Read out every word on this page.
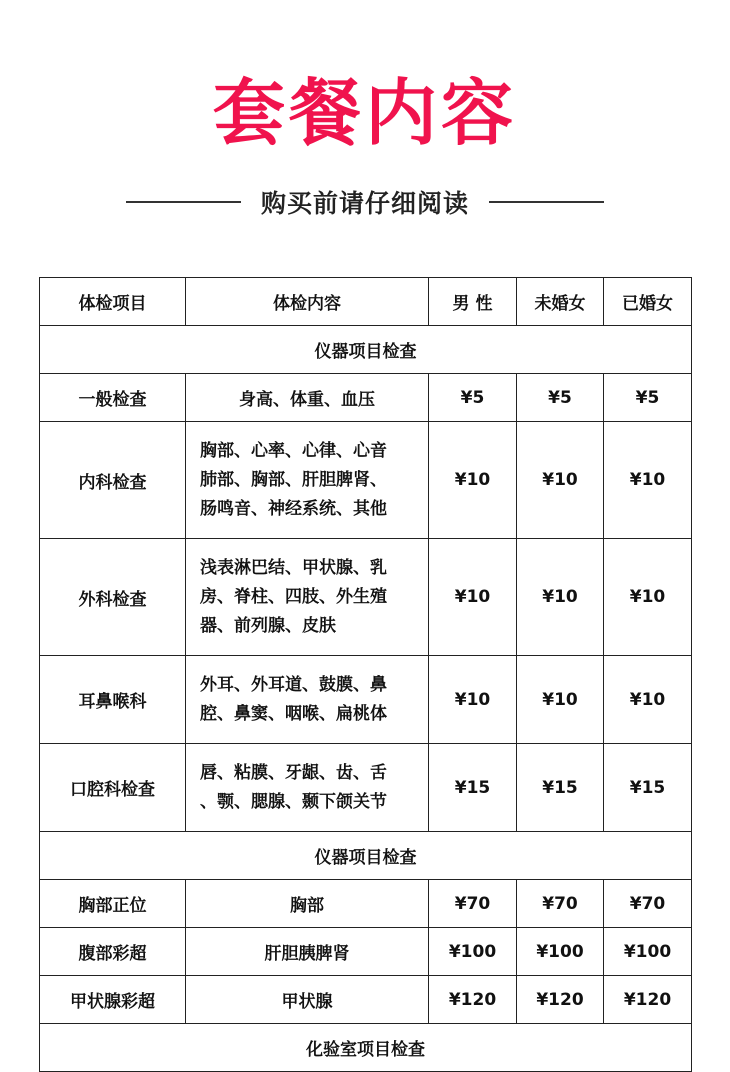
套餐内容
购买前请仔细阅读
体检项目	体检内容	男 性	未婚女	已婚女
仪器项目检查				
一般检查	身高、体重、血压	¥5	¥5	¥5
内科检查	胸部、心率、心律、心音
肺部、胸部、肝胆脾肾、
肠鸣音、神经系统、其他	¥10	¥10	¥10
外科检查	浅表淋巴结、甲状腺、乳
房、脊柱、四肢、外生殖
器、前列腺、皮肤	¥10	¥10	¥10
耳鼻喉科	外耳、外耳道、鼓膜、鼻
腔、鼻窦、咽喉、扁桃体	¥10	¥10	¥10
口腔科检查	唇、粘膜、牙龈、齿、舌
、颚、腮腺、颞下颌关节	¥15	¥15	¥15
仪器项目检查				
胸部正位	胸部	¥70	¥70	¥70
腹部彩超	肝胆胰脾肾	¥100	¥100	¥100
甲状腺彩超	甲状腺	¥120	¥120	¥120
化验室项目检查				
